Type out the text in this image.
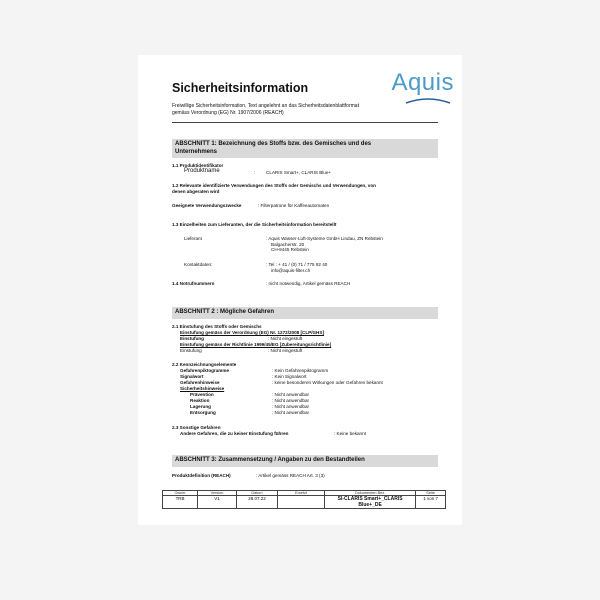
Sicherheitsinformation	Aquis
Freiwillige Sicherheitsinformation, Text angelehnt an das Sicherheitsdatenblattformat
gemäss Verordnung (EG) Nr. 1907/2006 (REACH)
ABSCHNITT 1: Bezeichnung des Stoffs bzw. des Gemisches und des
Unternehmens
1.1 Produktidentifikator
Produktname	: CLARIS Smart+, CLARIS Blue+
1.2 Relevante identifizierte Verwendungen des Stoffs oder Gemischs und Verwendungen, von
denen abgeraten wird
Geeignete Verwendungszwecke	: Filterpatrone für Kaffeeautomaten
1.3 Einzelheiten zum Lieferanten, der die Sicherheitsinformation bereitstellt
Lieferant	: Aquis Wasser-Luft-Systeme GmbH Lindau, ZN Rebstein
Balgacherstr. 20
CH-9445 Rebstein
Kontaktdaten:	: Tel : + 41 / (0) 71 / 775 92 40
info@aquis-filter.ch
1.4 Notrufnummern	: nicht notwendig, Artikel gemäss REACH
ABSCHNITT 2 : Mögliche Gefahren
2.1 Einstufung des Stoffs oder Gemischs
Einstufung gemäss der Verordnung (EG) Nr. 1272/2008 [CLP/GHS]
Einstufung	: Nicht eingestuft
Einstufung gemäss der Richtlinie 1999/45/EG [Zubereitungsrichtlinie]
Einstufung	: Nicht eingestuft
2.2 Kennzeichnungselemente
Gefahrenpiktogramme	: Kein Gefahrenpiktogramm
Signalwort	: Kein Signalwort
Gefahrenhinweise	: keine besonderen Wirkungen oder Gefahren bekannt
Sicherheitshinweise
Prävention	: Nicht anwendbar
Reaktion	: Nicht anwendbar
Lagerung	: Nicht anwendbar
Entsorgung	: Nicht anwendbar
2.3 Sonstige Gefahren
Andere Gefahren, die zu keiner Einstufung führen	: Keine bekannt
ABSCHNITT 3: Zusammensetzung / Angaben zu den Bestandteilen
Produktdefinition (REACH)	: Artikel gemäss REACH Art. 3 (3)
Owner	Version	Datum	Ersetzt	Dokumenten Bez.	Seite
TRB	V1	28.07.22		SI-CLARIS Smart+_CLARIS Blue+_DE	1 von 7
